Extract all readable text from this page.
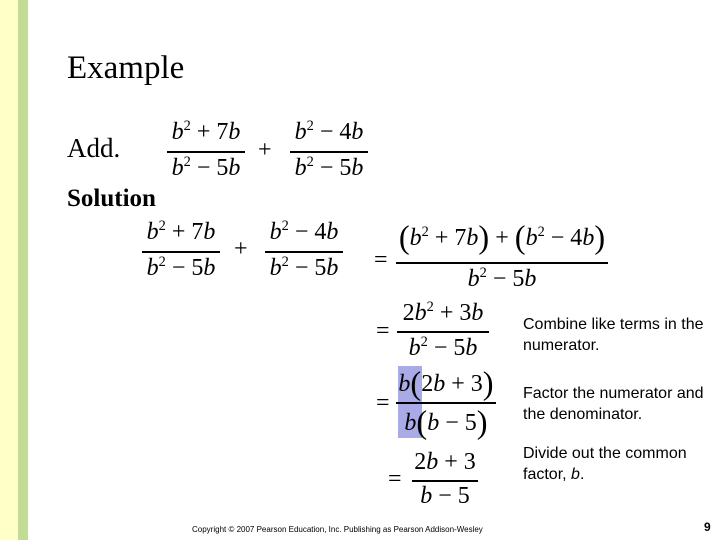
Example
Add.
Solution
$b^2 + 7b$
$b^2 - 5b$
+
$b^2 - 4b$
$b^2 - 5b$
$b^2 + 7b$
$b^2 - 5b$
+
$b^2 - 4b$
$b^2 - 5b$ =
$(b^2 + 7b) + (b^2 - 4b)$
$b^2 - 5b$
=
$2b^2 + 3b$
$b^2 - 5b$
Combine like terms in the numerator.
=
b(2b + 3)
b(b − 5)
Factor the numerator and the denominator.
=
2b + 3
b − 5
Divide out the common factor, b.
Copyright © 2007 Pearson Education, Inc. Publishing as Pearson Addison-Wesley	9
